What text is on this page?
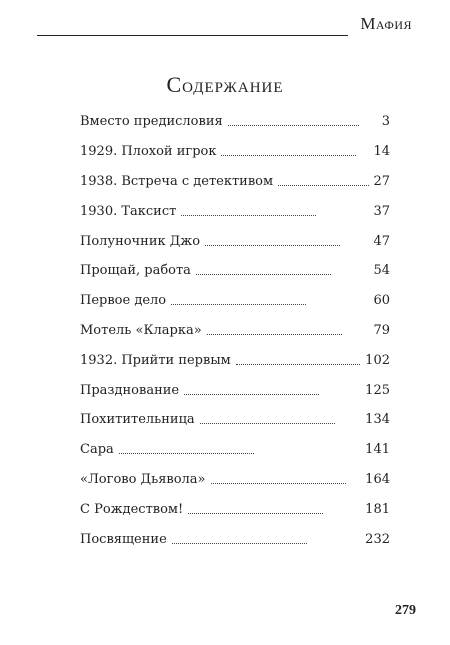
Мафия
Содержание
Вместо предисловия	3
1929. Плохой игрок	14
1938. Встреча с детективом	27
1930. Таксист	37
Полуночник Джо	47
Прощай, работа	54
Первое дело	60
Мотель «Кларка»	79
1932. Прийти первым	102
Празднование	125
Похитительница	134
Сара	141
«Логово Дьявола»	164
С Рождеством!	181
Посвящение	232
279
